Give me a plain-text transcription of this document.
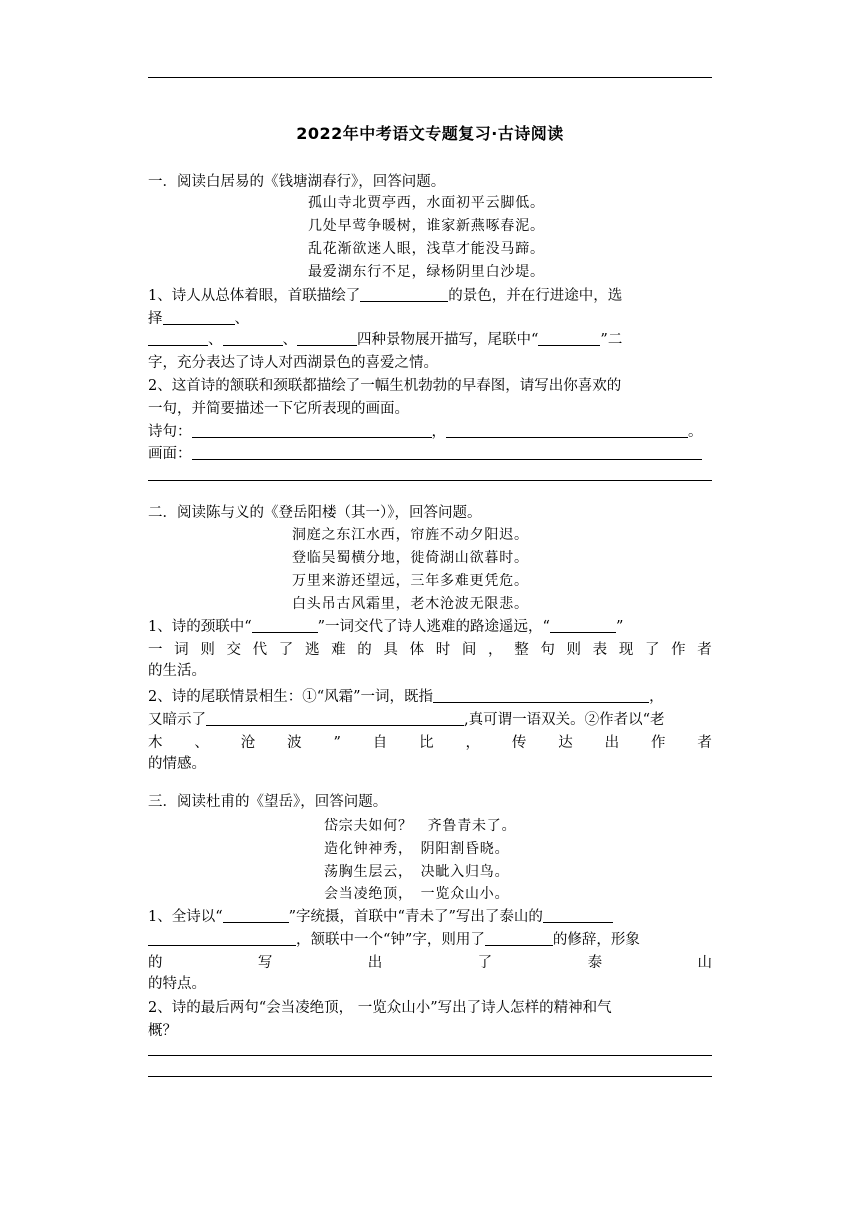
2022年中考语文专题复习·古诗阅读
一．阅读白居易的《钱塘湖春行》，回答问题。
孤山寺北贾亭西，水面初平云脚低。
几处早莺争暖树，谁家新燕啄春泥。
乱花渐欲迷人眼，浅草才能没马蹄。
最爱湖东行不足，绿杨阴里白沙堤。
1、诗人从总体着眼，首联描绘了	的景色，并在行进途中，选
择	、
、	、	四种景物展开描写，尾联中“	”二
字，充分表达了诗人对西湖景色的喜爱之情。
2、这首诗的颔联和颈联都描绘了一幅生机勃勃的早春图，请写出你喜欢的
一句，并简要描述一下它所表现的画面。
诗句：	，	。
画面：
二．阅读陈与义的《登岳阳楼（其一）》，回答问题。
洞庭之东江水西，帘旌不动夕阳迟。
登临吴蜀横分地，徙倚湖山欲暮时。
万里来游还望远，三年多难更凭危。
白头吊古风霜里，老木沧波无限悲。
1、诗的颈联中“	”一词交代了诗人逃难的路途遥远，“	”
一 词 则 交 代 了 逃 难 的 具 体 时 间 ， 整 句 则 表 现 了 作 者
的生活。
2、诗的尾联情景相生：①“风霜”一词，既指	，
又暗示了	,真可谓一语双关。②作者以“老
木 、 沧 波 ” 自 比 ， 传 达 出 作 者
的情感。
三．阅读杜甫的《望岳》，回答问题。
岱宗夫如何？　齐鲁青未了。
造化钟神秀，　阴阳割昏晓。
荡胸生层云，　决眦入归鸟。
会当凌绝顶，　一览众山小。
1、全诗以“	”字统摄，首联中“青未了”写出了泰山的
，颔联中一个“钟”字，则用了	的修辞，形象
的	写	出	了	泰	山
的特点。
2、诗的最后两句“会当凌绝顶， 一览众山小”写出了诗人怎样的精神和气
概？
